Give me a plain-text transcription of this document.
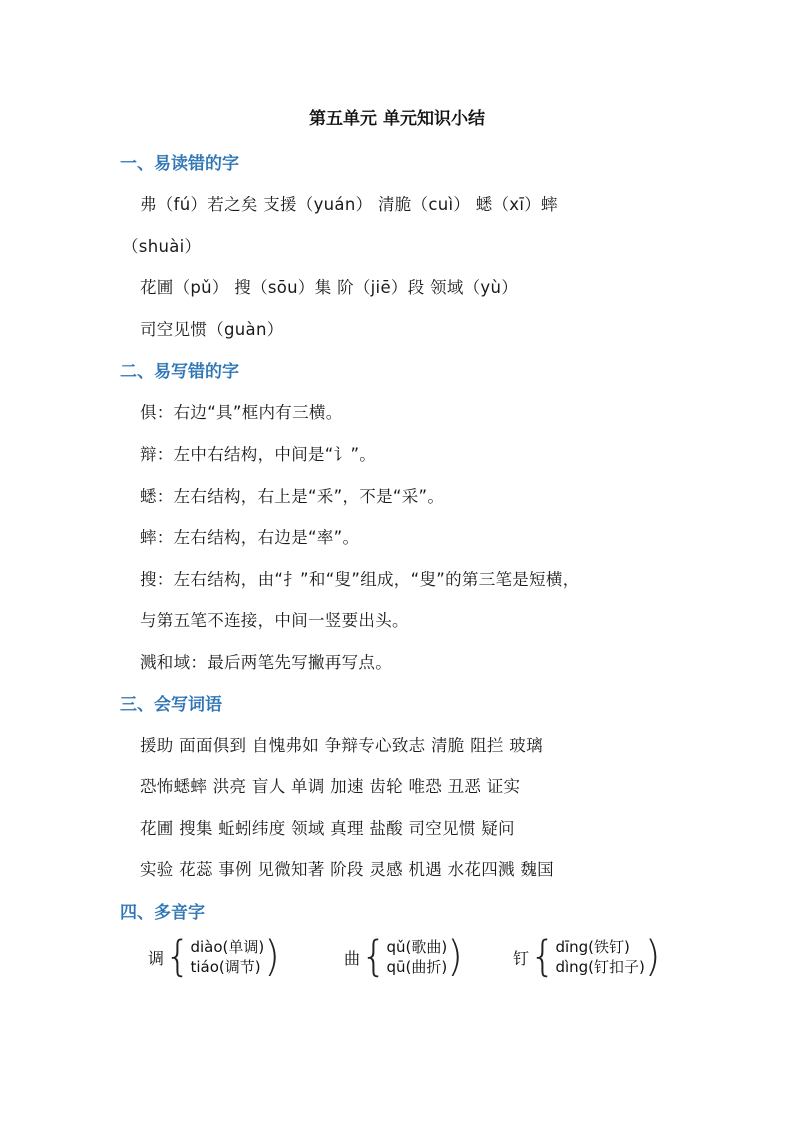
第五单元 单元知识小结
一、易读错的字
弗（fú）若之矣 支援（yuán） 清脆（cuì） 蟋（xī）蟀
（shuài）
花圃（pǔ） 搜（sōu）集 阶（jiē）段 领域（yù）
司空见惯（guàn）
二、易写错的字
俱：右边“具”框内有三横。
辩：左中右结构，中间是“讠”。
蟋：左右结构，右上是“釆”，不是“采”。
蟀：左右结构，右边是“率”。
搜：左右结构，由“扌”和“叟”组成，“叟”的第三笔是短横，
与第五笔不连接，中间一竖要出头。
溅和域：最后两笔先写撇再写点。
三、会写词语
援助 面面俱到 自愧弗如 争辩专心致志 清脆 阻拦 玻璃
恐怖蟋蟀 洪亮 盲人 单调 加速 齿轮 唯恐 丑恶 证实
花圃 搜集 蚯蚓纬度 领域 真理 盐酸 司空见惯 疑问
实验 花蕊 事例 见微知著 阶段 灵感 机遇 水花四溅 魏国
四、多音字
调 { diào(单调)
tiáo(调节) )	曲 { qǔ(歌曲)
qū(曲折) )	钉 { dīng(铁钉)
dìng(钉扣子) )
